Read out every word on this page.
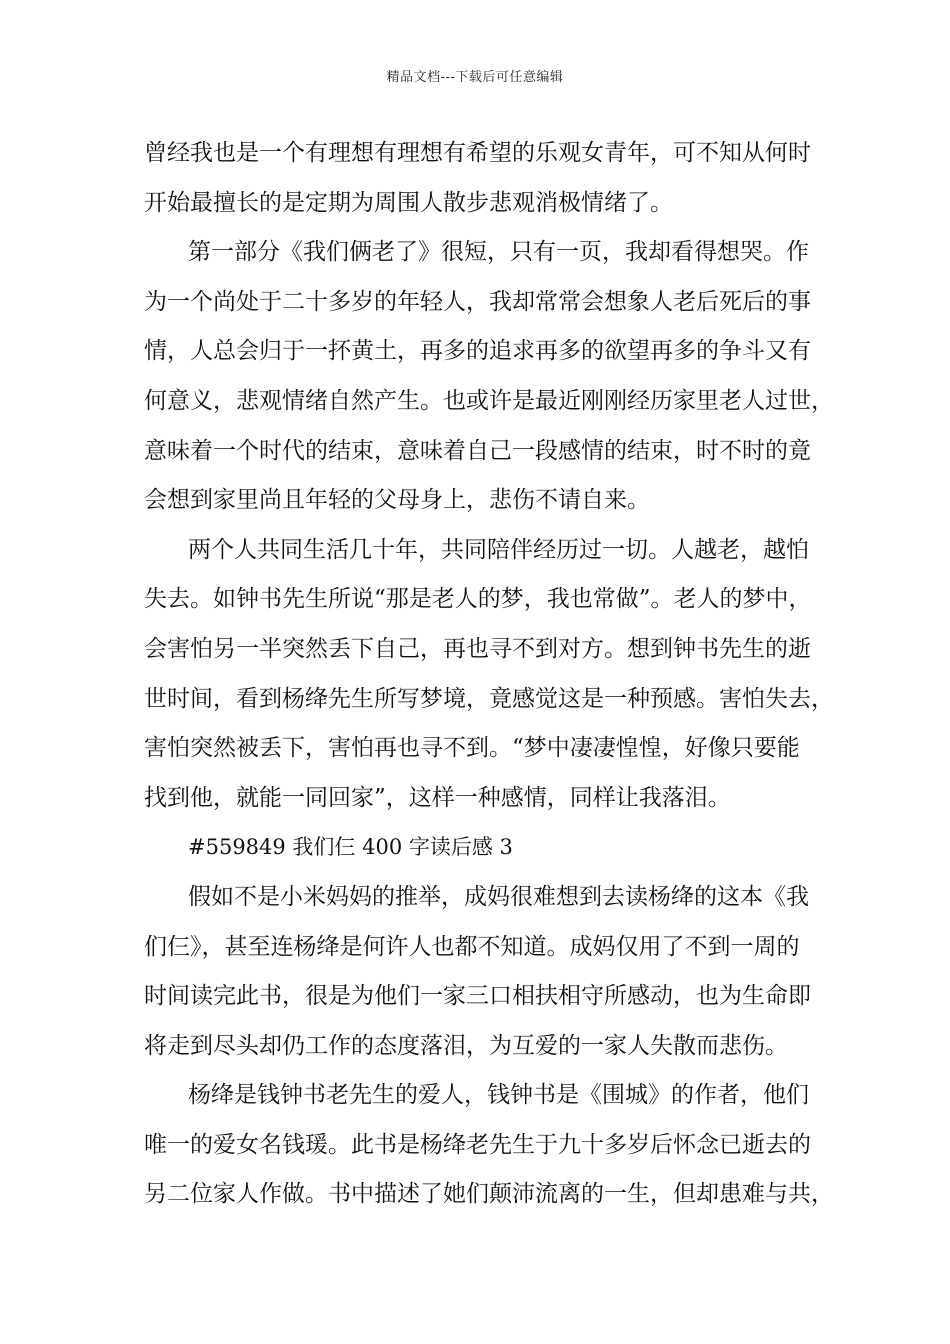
精品文档---下载后可任意编辑
曾经我也是一个有理想有理想有希望的乐观女青年，可不知从何时
开始最擅长的是定期为周围人散步悲观消极情绪了。
第一部分《我们俩老了》很短，只有一页，我却看得想哭。作
为一个尚处于二十多岁的年轻人，我却常常会想象人老后死后的事
情，人总会归于一抔黄土，再多的追求再多的欲望再多的争斗又有
何意义，悲观情绪自然产生。也或许是最近刚刚经历家里老人过世，
意味着一个时代的结束，意味着自己一段感情的结束，时不时的竟
会想到家里尚且年轻的父母身上，悲伤不请自来。
两个人共同生活几十年，共同陪伴经历过一切。人越老，越怕
失去。如钟书先生所说“那是老人的梦，我也常做”。老人的梦中，
会害怕另一半突然丢下自己，再也寻不到对方。想到钟书先生的逝
世时间，看到杨绛先生所写梦境，竟感觉这是一种预感。害怕失去，
害怕突然被丢下，害怕再也寻不到。“梦中凄凄惶惶，好像只要能
找到他，就能一同回家”，这样一种感情，同样让我落泪。
#559849 我们仨 400 字读后感 3
假如不是小米妈妈的推举，成妈很难想到去读杨绛的这本《我
们仨》，甚至连杨绛是何许人也都不知道。成妈仅用了不到一周的
时间读完此书，很是为他们一家三口相扶相守所感动，也为生命即
将走到尽头却仍工作的态度落泪，为互爱的一家人失散而悲伤。
杨绛是钱钟书老先生的爱人，钱钟书是《围城》的作者，他们
唯一的爱女名钱瑗。此书是杨绛老先生于九十多岁后怀念已逝去的
另二位家人作做。书中描述了她们颠沛流离的一生，但却患难与共，
